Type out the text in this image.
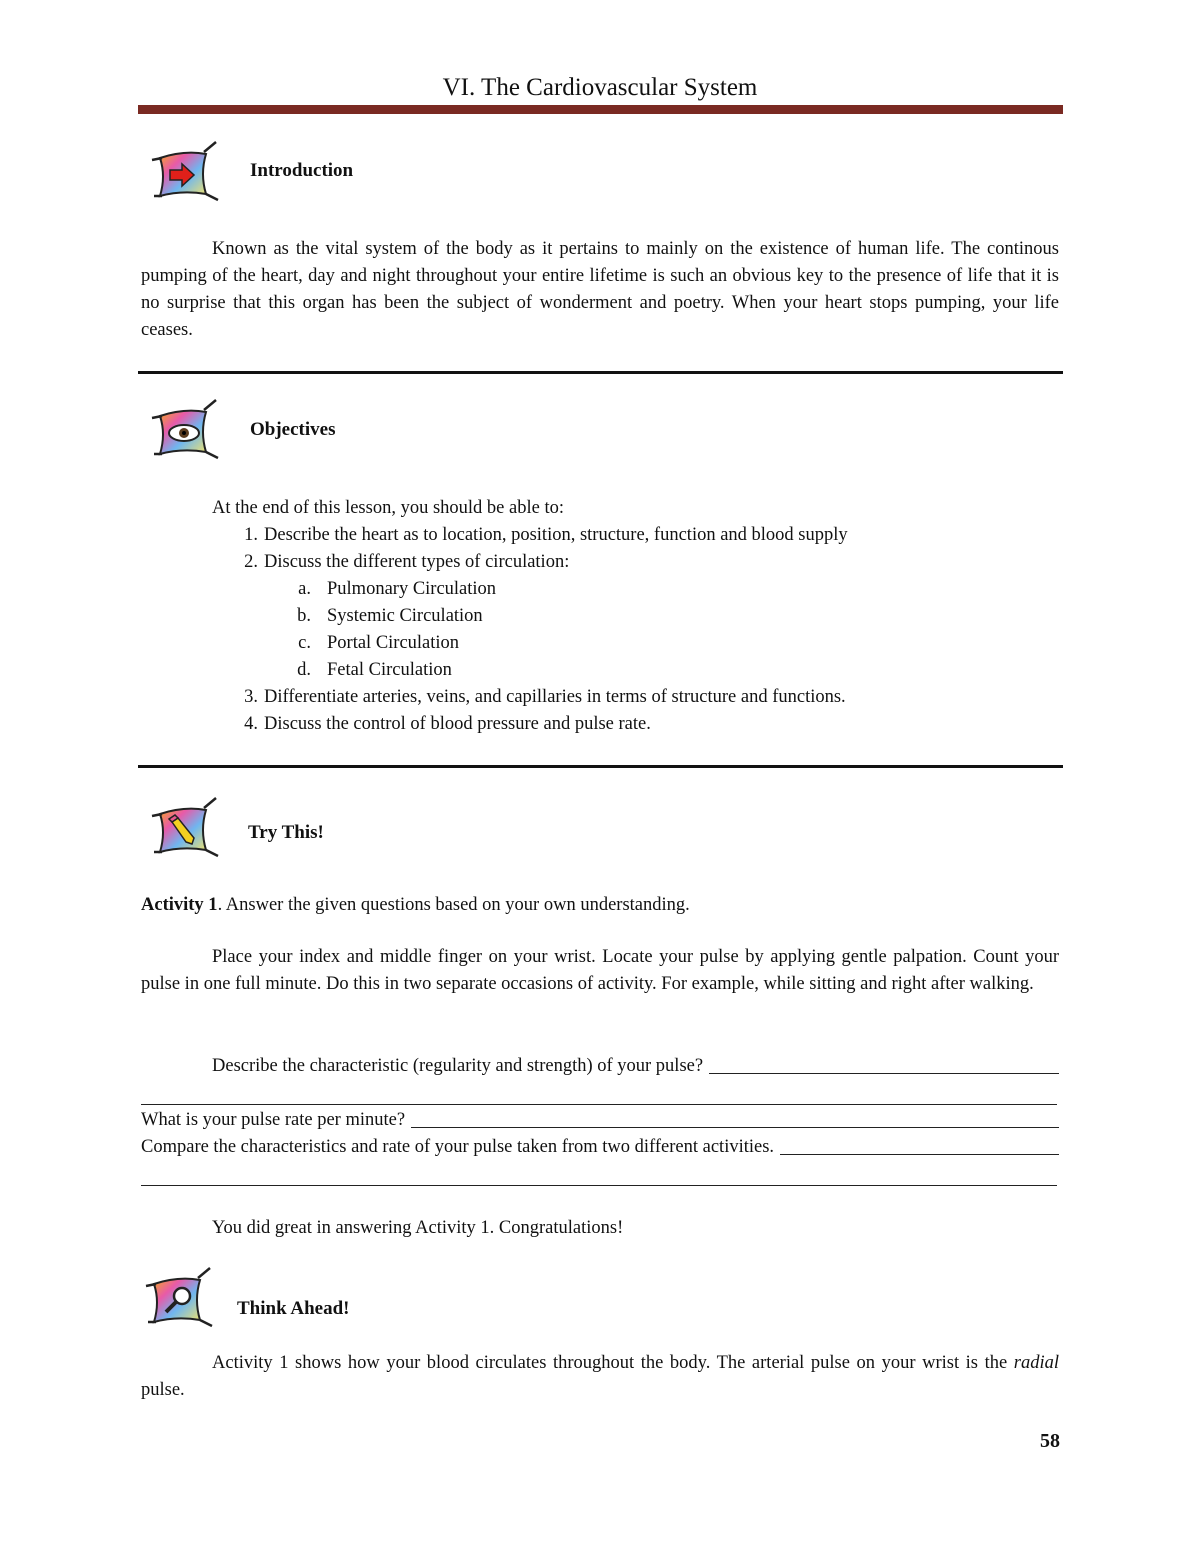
VI. The Cardiovascular System
Introduction
Known as the vital system of the body as it pertains to mainly on the existence of human life. The continous pumping of the heart, day and night throughout your entire lifetime is such an obvious key to the presence of life that it is no surprise that this organ has been the subject of wonderment and poetry. When your heart stops pumping, your life ceases.
Objectives
At the end of this lesson, you should be able to:
1. Describe the heart as to location, position, structure, function and blood supply
2. Discuss the different types of circulation:
a. Pulmonary Circulation
b. Systemic Circulation
c. Portal Circulation
d. Fetal Circulation
3. Differentiate arteries, veins, and capillaries in terms of structure and functions.
4. Discuss the control of blood pressure and pulse rate.
Try This!
Activity 1. Answer the given questions based on your own understanding.
Place your index and middle finger on your wrist. Locate your pulse by applying gentle palpation. Count your pulse in one full minute. Do this in two separate occasions of activity. For example, while sitting and right after walking.
Describe the characteristic (regularity and strength) of your pulse?
What is your pulse rate per minute?
Compare the characteristics and rate of your pulse taken from two different activities.
You did great in answering Activity 1. Congratulations!
Think Ahead!
Activity 1 shows how your blood circulates throughout the body. The arterial pulse on your wrist is the radial pulse.
58
